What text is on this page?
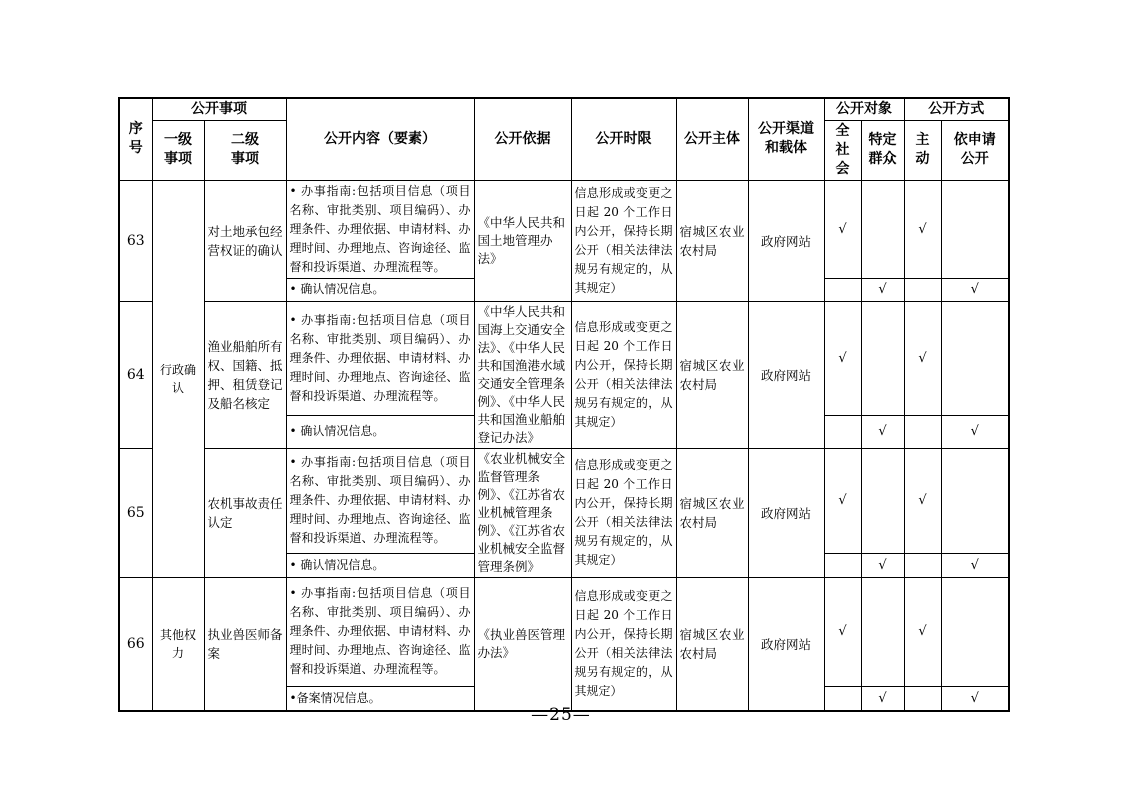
序号	公开事项		公开内容（要素）	公开依据	公开时限	公开主体	公开渠道和载体	公开对象		公开方式	
	一级事项	二级事项						全社会	特定群众	主动	依申请公开
63	行政确认	对土地承包经营权证的确认	• 办事指南:包括项目信息（项目名称、审批类别、项目编码）、办理条件、办理依据、申请材料、办理时间、办理地点、咨询途径、监督和投诉渠道、办理流程等。	《中华人民共和国土地管理办法》	信息形成或变更之日起 20 个工作日内公开，保持长期公开（相关法律法规另有规定的，从其规定）	宿城区农业农村局	政府网站	√		√	
			• 确认情况信息。						√		√
64		渔业船舶所有权、国籍、抵押、租赁登记及船名核定	• 办事指南:包括项目信息（项目名称、审批类别、项目编码）、办理条件、办理依据、申请材料、办理时间、办理地点、咨询途径、监督和投诉渠道、办理流程等。	《中华人民共和国海上交通安全法》、《中华人民共和国渔港水域交通安全管理条例》、《中华人民共和国渔业船舶登记办法》	信息形成或变更之日起 20 个工作日内公开，保持长期公开（相关法律法规另有规定的，从其规定）	宿城区农业农村局	政府网站	√		√	
			• 确认情况信息。						√		√
65		农机事故责任认定	• 办事指南:包括项目信息（项目名称、审批类别、项目编码）、办理条件、办理依据、申请材料、办理时间、办理地点、咨询途径、监督和投诉渠道、办理流程等。	《农业机械安全监督管理条例》、《江苏省农业机械管理条例》、《江苏省农业机械安全监督管理条例》	信息形成或变更之日起 20 个工作日内公开，保持长期公开（相关法律法规另有规定的，从其规定）	宿城区农业农村局	政府网站	√		√	
			• 确认情况信息。						√		√
66	其他权力	执业兽医师备案	• 办事指南:包括项目信息（项目名称、审批类别、项目编码）、办理条件、办理依据、申请材料、办理时间、办理地点、咨询途径、监督和投诉渠道、办理流程等。	《执业兽医管理办法》	信息形成或变更之日起 20 个工作日内公开，保持长期公开（相关法律法规另有规定的，从其规定）	宿城区农业农村局	政府网站	√		√	
			•备案情况信息。						√		√
—25—
